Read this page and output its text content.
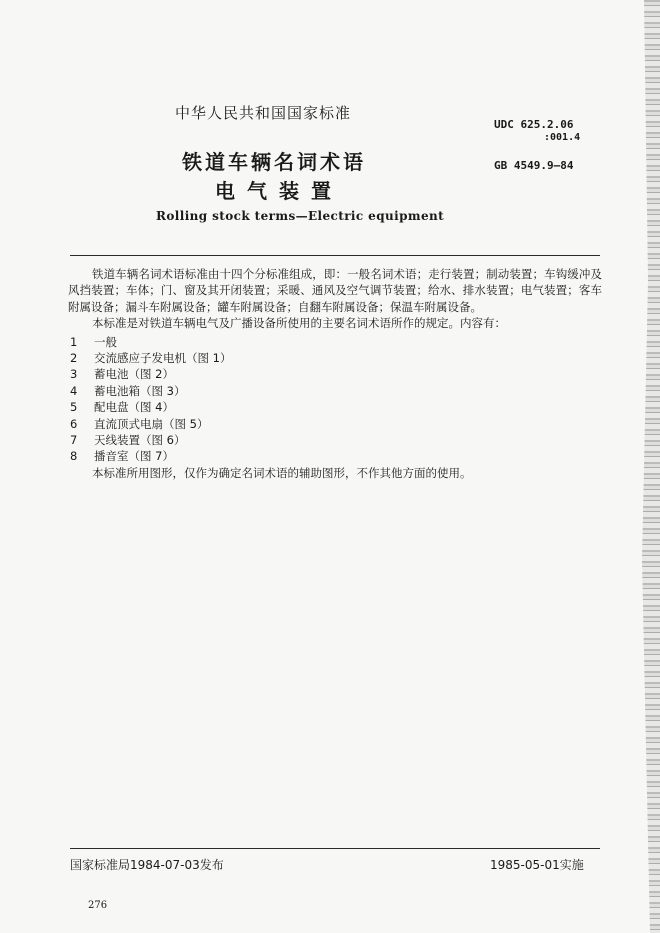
中华人民共和国国家标准
UDC 625.2.06
:001.4
GB 4549.9—84
铁道车辆名词术语
电气装置
Rolling stock terms—Electric equipment

铁道车辆名词术语标准由十四个分标准组成，即：一般名词术语；走行装置；制动装置；车钩缓冲及风挡装置；车体；门、窗及其开闭装置；采暖、通风及空气调节装置；给水、排水装置；电气装置；客车附属设备；漏斗车附属设备；罐车附属设备；自翻车附属设备；保温车附属设备。

本标准是对铁道车辆电气及广播设备所使用的主要名词术语所作的规定。内容有：

1 一般
2 交流感应子发电机（图 1）
3 蓄电池（图 2）
4 蓄电池箱（图 3）
5 配电盘（图 4）
6 直流顶式电扇（图 5）
7 天线装置（图 6）
8 播音室（图 7）

本标准所用图形，仅作为确定名词术语的辅助图形，不作其他方面的使用。

国家标准局1984-07-03发布	1985-05-01实施
276
